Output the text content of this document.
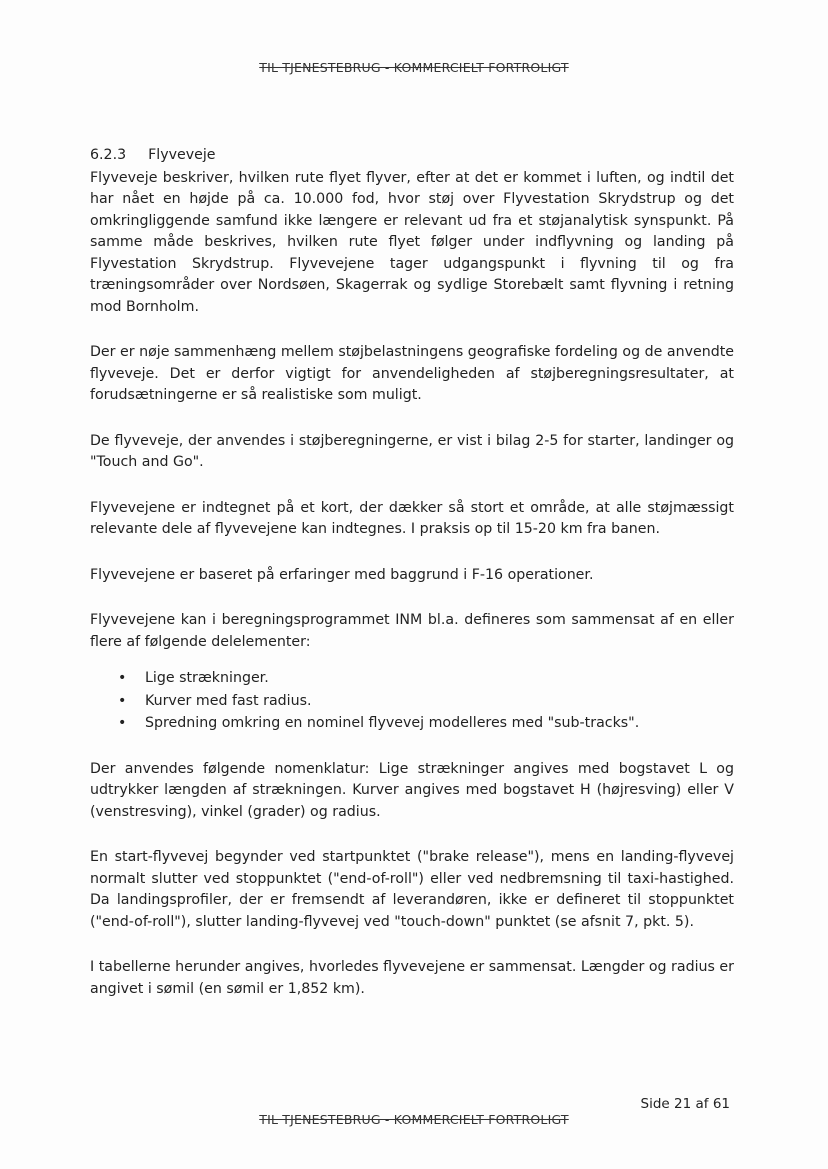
TIL TJENESTEBRUG - KOMMERCIELT FORTROLIGT
6.2.3 Flyveveje

Flyveveje beskriver, hvilken rute flyet flyver, efter at det er kommet i luften, og indtil det har nået en højde på ca. 10.000 fod, hvor støj over Flyvestation Skrydstrup og det omkringliggende samfund ikke længere er relevant ud fra et støjanalytisk synspunkt. På samme måde beskrives, hvilken rute flyet følger under indflyvning og landing på Flyvestation Skrydstrup. Flyvevejene tager udgangspunkt i flyvning til og fra træningsområder over Nordsøen, Skagerrak og sydlige Storebælt samt flyvning i retning mod Bornholm.

Der er nøje sammenhæng mellem støjbelastningens geografiske fordeling og de anvendte flyveveje. Det er derfor vigtigt for anvendeligheden af støjberegningsresultater, at forudsætningerne er så realistiske som muligt.

De flyveveje, der anvendes i støjberegningerne, er vist i bilag 2-5 for starter, landinger og "Touch and Go".

Flyvevejene er indtegnet på et kort, der dækker så stort et område, at alle støjmæssigt relevante dele af flyvevejene kan indtegnes. I praksis op til 15-20 km fra banen.

Flyvevejene er baseret på erfaringer med baggrund i F-16 operationer.

Flyvevejene kan i beregningsprogrammet INM bl.a. defineres som sammensat af en eller flere af følgende delelementer:

• Lige strækninger.
• Kurver med fast radius.
• Spredning omkring en nominel flyvevej modelleres med "sub-tracks".

Der anvendes følgende nomenklatur: Lige strækninger angives med bogstavet L og udtrykker længden af strækningen. Kurver angives med bogstavet H (højresving) eller V (venstresving), vinkel (grader) og radius.

En start-flyvevej begynder ved startpunktet ("brake release"), mens en landing-flyvevej normalt slutter ved stoppunktet ("end-of-roll") eller ved nedbremsning til taxi-hastighed. Da landingsprofiler, der er fremsendt af leverandøren, ikke er defineret til stoppunktet ("end-of-roll"), slutter landing-flyvevej ved "touch-down" punktet (se afsnit 7, pkt. 5).

I tabellerne herunder angives, hvorledes flyvevejene er sammensat. Længder og radius er angivet i sømil (en sømil er 1,852 km).

Side 21 af 61
TIL TJENESTEBRUG - KOMMERCIELT FORTROLIGT
